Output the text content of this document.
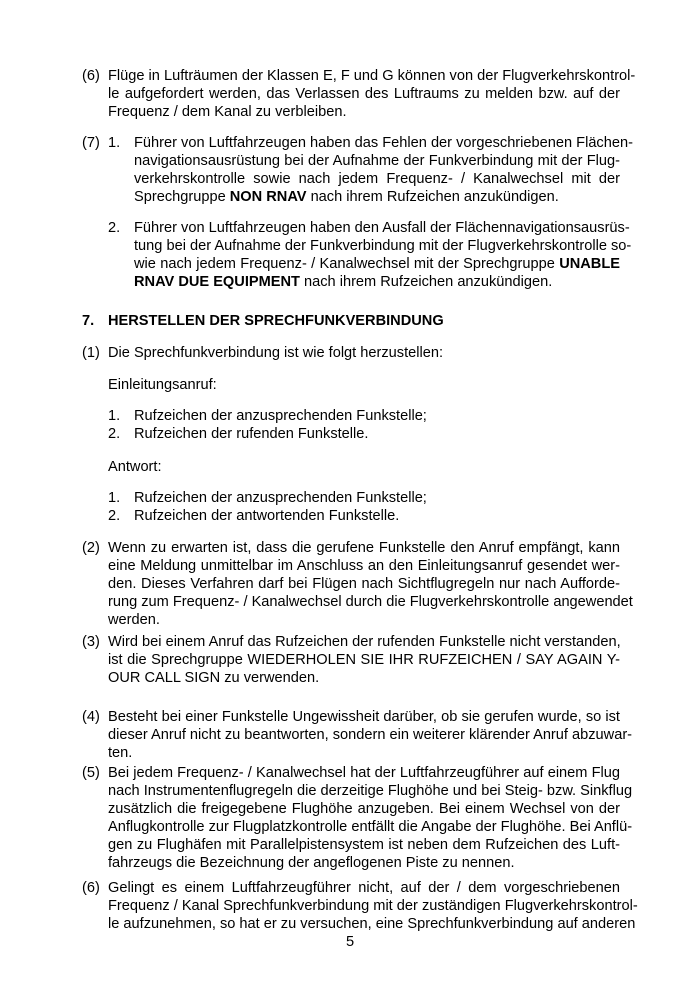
(6) Flüge in Lufträumen der Klassen E, F und G können von der Flugverkehrskontrol-
le aufgefordert werden, das Verlassen des Luftraums zu melden bzw. auf der
Frequenz / dem Kanal zu verbleiben.
(7) 1. Führer von Luftfahrzeugen haben das Fehlen der vorgeschriebenen Flächen-
navigationsausrüstung bei der Aufnahme der Funkverbindung mit der Flug-
verkehrskontrolle sowie nach jedem Frequenz- / Kanalwechsel mit der
Sprechgruppe NON RNAV nach ihrem Rufzeichen anzukündigen.
2. Führer von Luftfahrzeugen haben den Ausfall der Flächennavigationsausrüs-
tung bei der Aufnahme der Funkverbindung mit der Flugverkehrskontrolle so-
wie nach jedem Frequenz- / Kanalwechsel mit der Sprechgruppe UNABLE
RNAV DUE EQUIPMENT nach ihrem Rufzeichen anzukündigen.
7. HERSTELLEN DER SPRECHFUNKVERBINDUNG
(1) Die Sprechfunkverbindung ist wie folgt herzustellen:
Einleitungsanruf:
1. Rufzeichen der anzusprechenden Funkstelle;
2. Rufzeichen der rufenden Funkstelle.
Antwort:
1. Rufzeichen der anzusprechenden Funkstelle;
2. Rufzeichen der antwortenden Funkstelle.
(2) Wenn zu erwarten ist, dass die gerufene Funkstelle den Anruf empfängt, kann
eine Meldung unmittelbar im Anschluss an den Einleitungsanruf gesendet wer-
den. Dieses Verfahren darf bei Flügen nach Sichtflugregeln nur nach Aufforde-
rung zum Frequenz- / Kanalwechsel durch die Flugverkehrskontrolle angewendet
werden.
(3) Wird bei einem Anruf das Rufzeichen der rufenden Funkstelle nicht verstanden,
ist die Sprechgruppe WIEDERHOLEN SIE IHR RUFZEICHEN / SAY AGAIN Y-
OUR CALL SIGN zu verwenden.
(4) Besteht bei einer Funkstelle Ungewissheit darüber, ob sie gerufen wurde, so ist
dieser Anruf nicht zu beantworten, sondern ein weiterer klärender Anruf abzuwar-
ten.
(5) Bei jedem Frequenz- / Kanalwechsel hat der Luftfahrzeugführer auf einem Flug
nach Instrumentenflugregeln die derzeitige Flughöhe und bei Steig- bzw. Sinkflug
zusätzlich die freigegebene Flughöhe anzugeben. Bei einem Wechsel von der
Anflugkontrolle zur Flugplatzkontrolle entfällt die Angabe der Flughöhe. Bei Anflü-
gen zu Flughäfen mit Parallelpistensystem ist neben dem Rufzeichen des Luft-
fahrzeugs die Bezeichnung der angeflogenen Piste zu nennen.
(6) Gelingt es einem Luftfahrzeugführer nicht, auf der / dem vorgeschriebenen
Frequenz / Kanal Sprechfunkverbindung mit der zuständigen Flugverkehrskontrol-
le aufzunehmen, so hat er zu versuchen, eine Sprechfunkverbindung auf anderen
5
